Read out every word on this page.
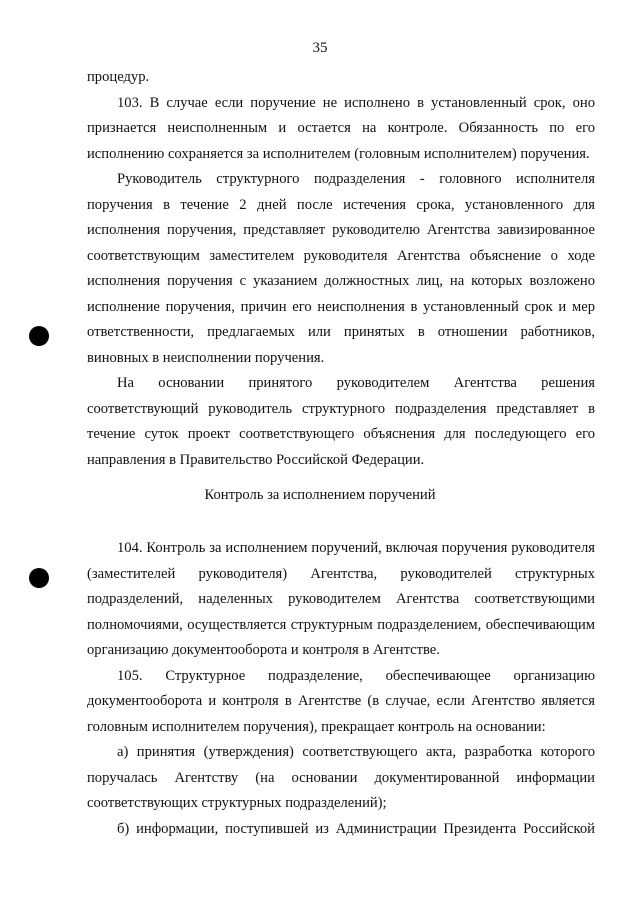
35
процедур.
103. В случае если поручение не исполнено в установленный срок, оно
признается неисполненным и остается на контроле. Обязанность по его
исполнению сохраняется за исполнителем (головным исполнителем) поручения.
Руководитель структурного подразделения - головного исполнителя
поручения в течение 2 дней после истечения срока, установленного для
исполнения поручения, представляет руководителю Агентства завизированное
соответствующим заместителем руководителя Агентства объяснение о ходе
исполнения поручения с указанием должностных лиц, на которых возложено
исполнение поручения, причин его неисполнения в установленный срок и мер
ответственности, предлагаемых или принятых в отношении работников,
виновных в неисполнении поручения.
На основании принятого руководителем Агентства решения
соответствующий руководитель структурного подразделения представляет в
течение суток проект соответствующего объяснения для последующего его
направления в Правительство Российской Федерации.
Контроль за исполнением поручений
104. Контроль за исполнением поручений, включая поручения руководителя
(заместителей руководителя) Агентства, руководителей структурных
подразделений, наделенных руководителем Агентства соответствующими
полномочиями, осуществляется структурным подразделением, обеспечивающим
организацию документооборота и контроля в Агентстве.
105. Структурное подразделение, обеспечивающее организацию
документооборота и контроля в Агентстве (в случае, если Агентство является
головным исполнителем поручения), прекращает контроль на основании:
а) принятия (утверждения) соответствующего акта, разработка которого
поручалась Агентству (на основании документированной информации
соответствующих структурных подразделений);
б) информации, поступившей из Администрации Президента Российской
